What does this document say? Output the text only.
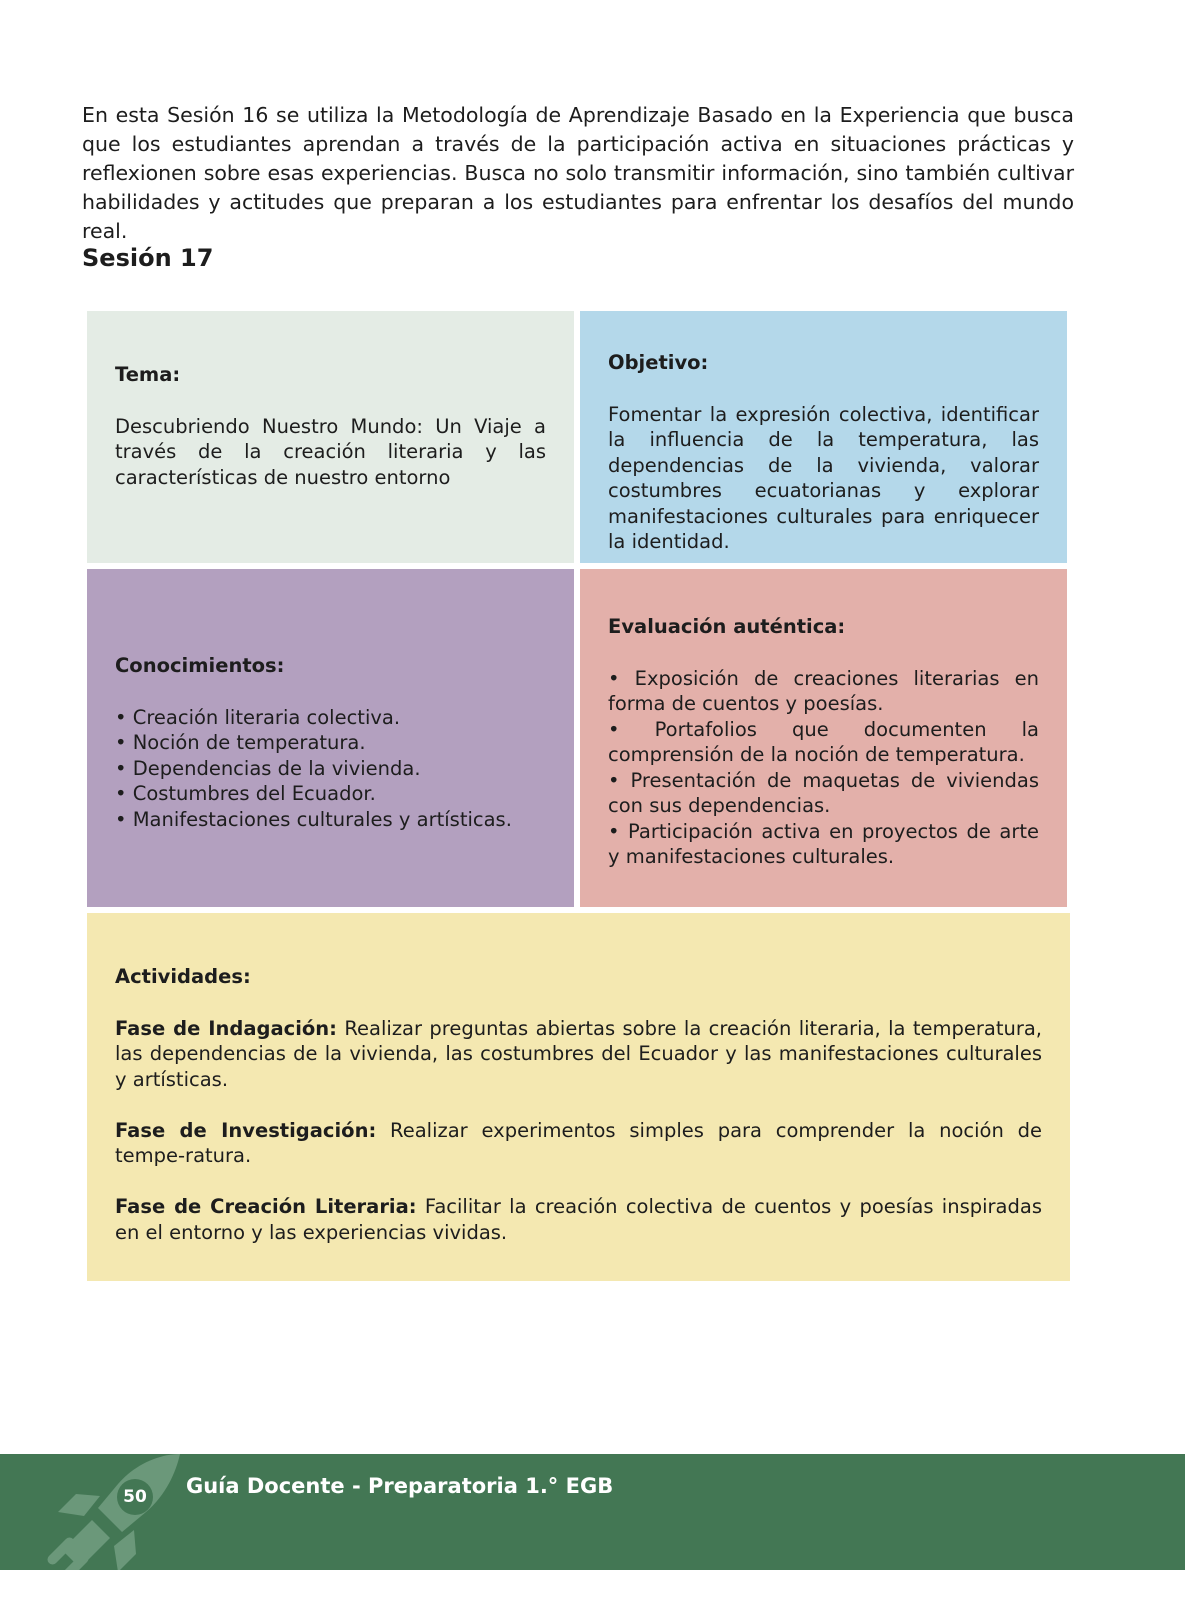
En esta Sesión 16 se utiliza la Metodología de Aprendizaje Basado en la Experiencia que busca que los estudiantes aprendan a través de la participación activa en situaciones prácticas y reflexionen sobre esas experiencias. Busca no solo transmitir información, sino también cultivar habilidades y actitudes que preparan a los estudiantes para enfrentar los desafíos del mundo real.

Sesión 17

Tema:

Descubriendo Nuestro Mundo: Un Viaje a través de la creación literaria y las características de nuestro entorno

Objetivo:

Fomentar la expresión colectiva, identificar la influencia de la temperatura, las dependencias de la vivienda, valorar costumbres ecuatorianas y explorar manifestaciones culturales para enriquecer la identidad.

Conocimientos:

• Creación literaria colectiva.
• Noción de temperatura.
• Dependencias de la vivienda.
• Costumbres del Ecuador.
• Manifestaciones culturales y artísticas.

Evaluación auténtica:

• Exposición de creaciones literarias en forma de cuentos y poesías.
• Portafolios que documenten la comprensión de la noción de temperatura.
• Presentación de maquetas de viviendas con sus dependencias.
• Participación activa en proyectos de arte y manifestaciones culturales.

Actividades:

Fase de Indagación: Realizar preguntas abiertas sobre la creación literaria, la temperatura, las dependencias de la vivienda, las costumbres del Ecuador y las manifestaciones culturales y artísticas.

Fase de Investigación: Realizar experimentos simples para comprender la noción de tempe-ratura.

Fase de Creación Literaria: Facilitar la creación colectiva de cuentos y poesías inspiradas en el entorno y las experiencias vividas.

50 Guía Docente - Preparatoria 1.° EGB
